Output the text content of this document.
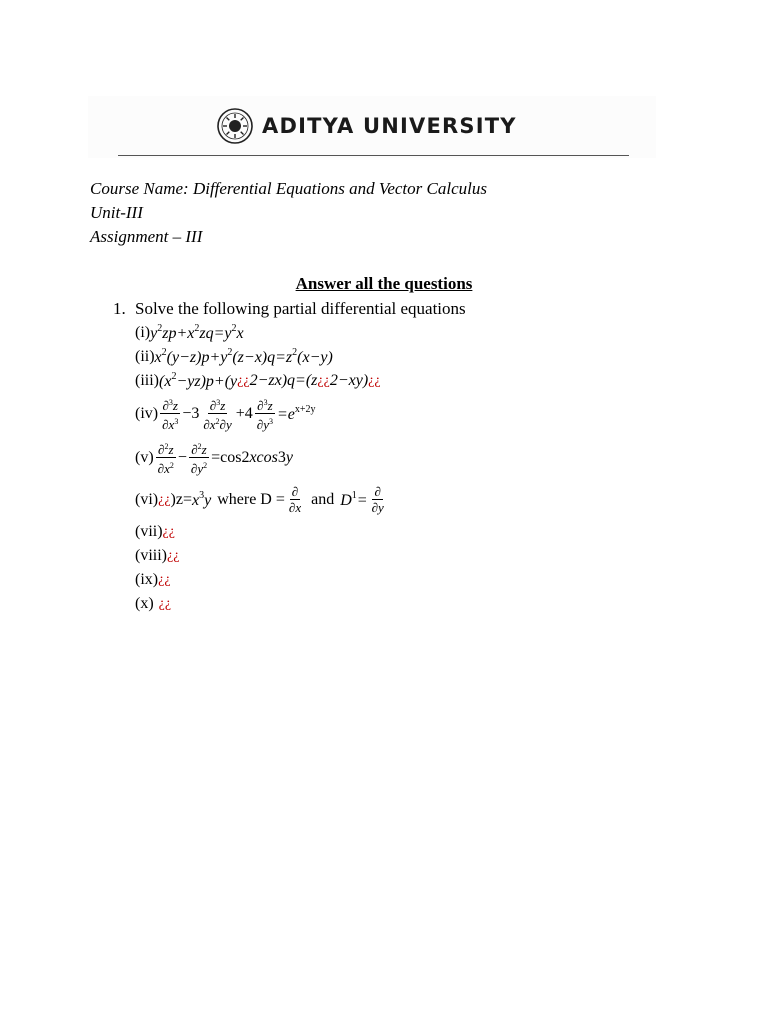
ADITYA UNIVERSITY
Course Name: Differential Equations and Vector Calculus
Unit-III
Assignment – III
Answer all the questions
1. Solve the following partial differential equations
(i) $y^2zp+x^2zq=y^2x$
(ii) $x^2(y-z)p+y^2(z-x)q=z^2(x-y)$
(iii) $(x^2-yz)p+(y$ ¿¿ 2−zx)q=(z ¿¿ 2−xy) ¿¿
$(iv) \frac{\partial^3z}{\partial x^3} -3 \frac{\partial^3z}{\partial x^2\partial y} +4 \frac{\partial^3z}{\partial y^3} =e^{x+2y}$
$(v) \frac{\partial^2z}{\partial x^2} - \frac{\partial^2z}{\partial y^2} =\cos 2xcos3y$
(vi) ¿¿ ) $z= x^3y$ where $D = \frac{\partial}{\partial x}$ and $D^1= \frac{\partial}{\partial y}$
(vii) ¿¿
(viii) ¿¿
(ix) ¿¿
(x) ¿¿
